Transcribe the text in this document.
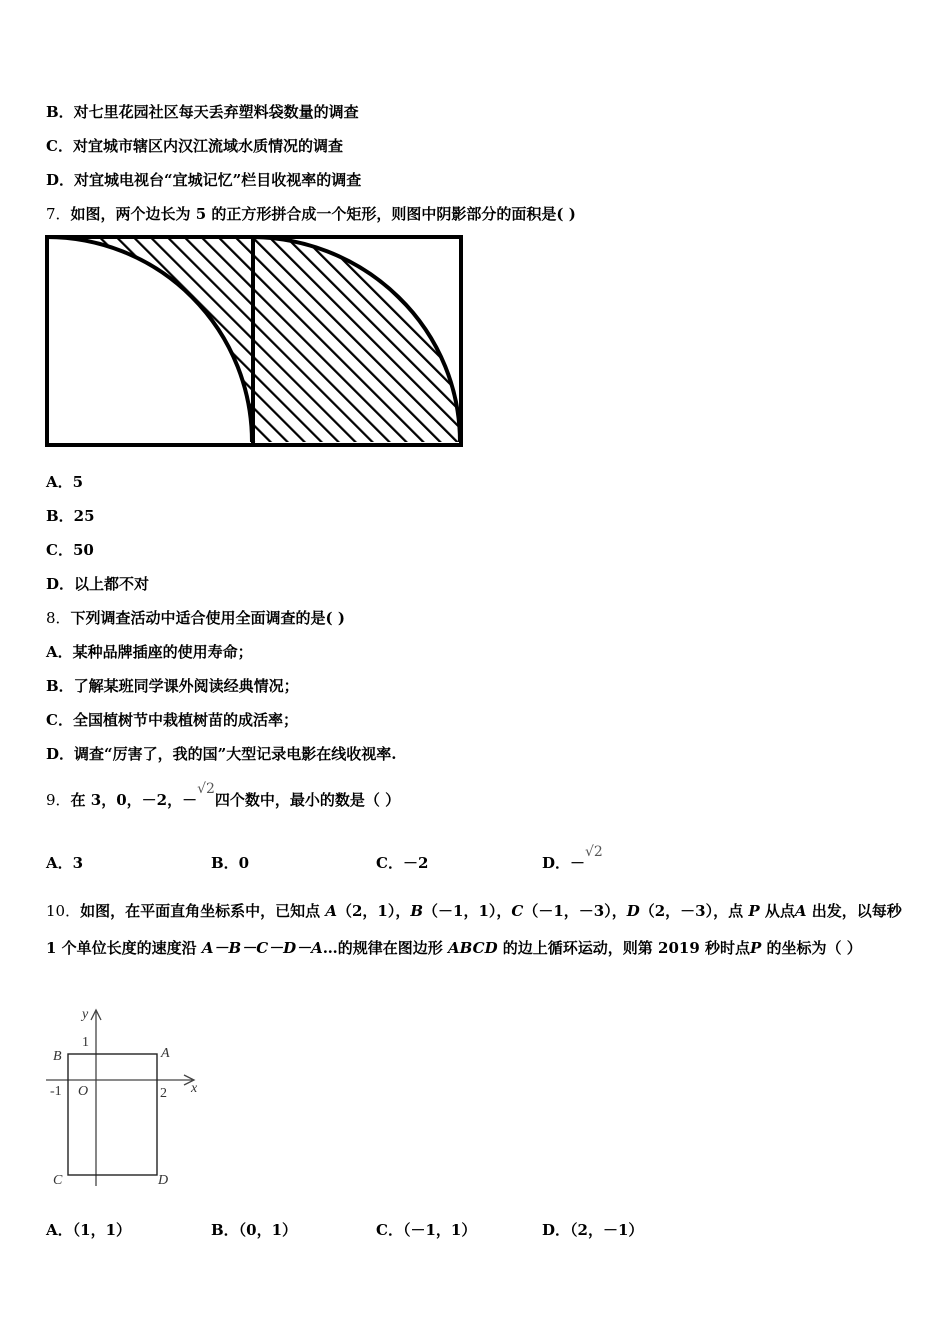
B．对七里花园社区每天丢弃塑料袋数量的调查
C．对宜城市辖区内汉江流域水质情况的调查
D．对宜城电视台“宜城记忆”栏目收视率的调查
7．如图，两个边长为 5 的正方形拼合成一个矩形，则图中阴影部分的面积是( )
A．5
B．25
C．50
D．以上都不对
8．下列调查活动中适合使用全面调查的是( )
A．某种品牌插座的使用寿命；
B．了解某班同学课外阅读经典情况；
C．全国植树节中栽植树苗的成活率；
D．调查“厉害了，我的国”大型记录电影在线收视率.
9．在 3，0，－2，－√2四个数中，最小的数是（ ）
A．3	B．0	C．－2	D．－√2
10．如图，在平面直角坐标系中，已知点 A（2，1），B（－1，1），C（－1，－3），D（2，－3），点 P 从点A 出发，以每秒 1 个单位长度的速度沿 A－B－C－D－A…的规律在图边形 ABCD 的边上循环运动，则第 2019 秒时点P 的坐标为（ ）
y
x
1
B	A
-1 O	2
C	D
A．（1，1）	B．（0，1）	C．（－1，1）	D．（2，－1）
